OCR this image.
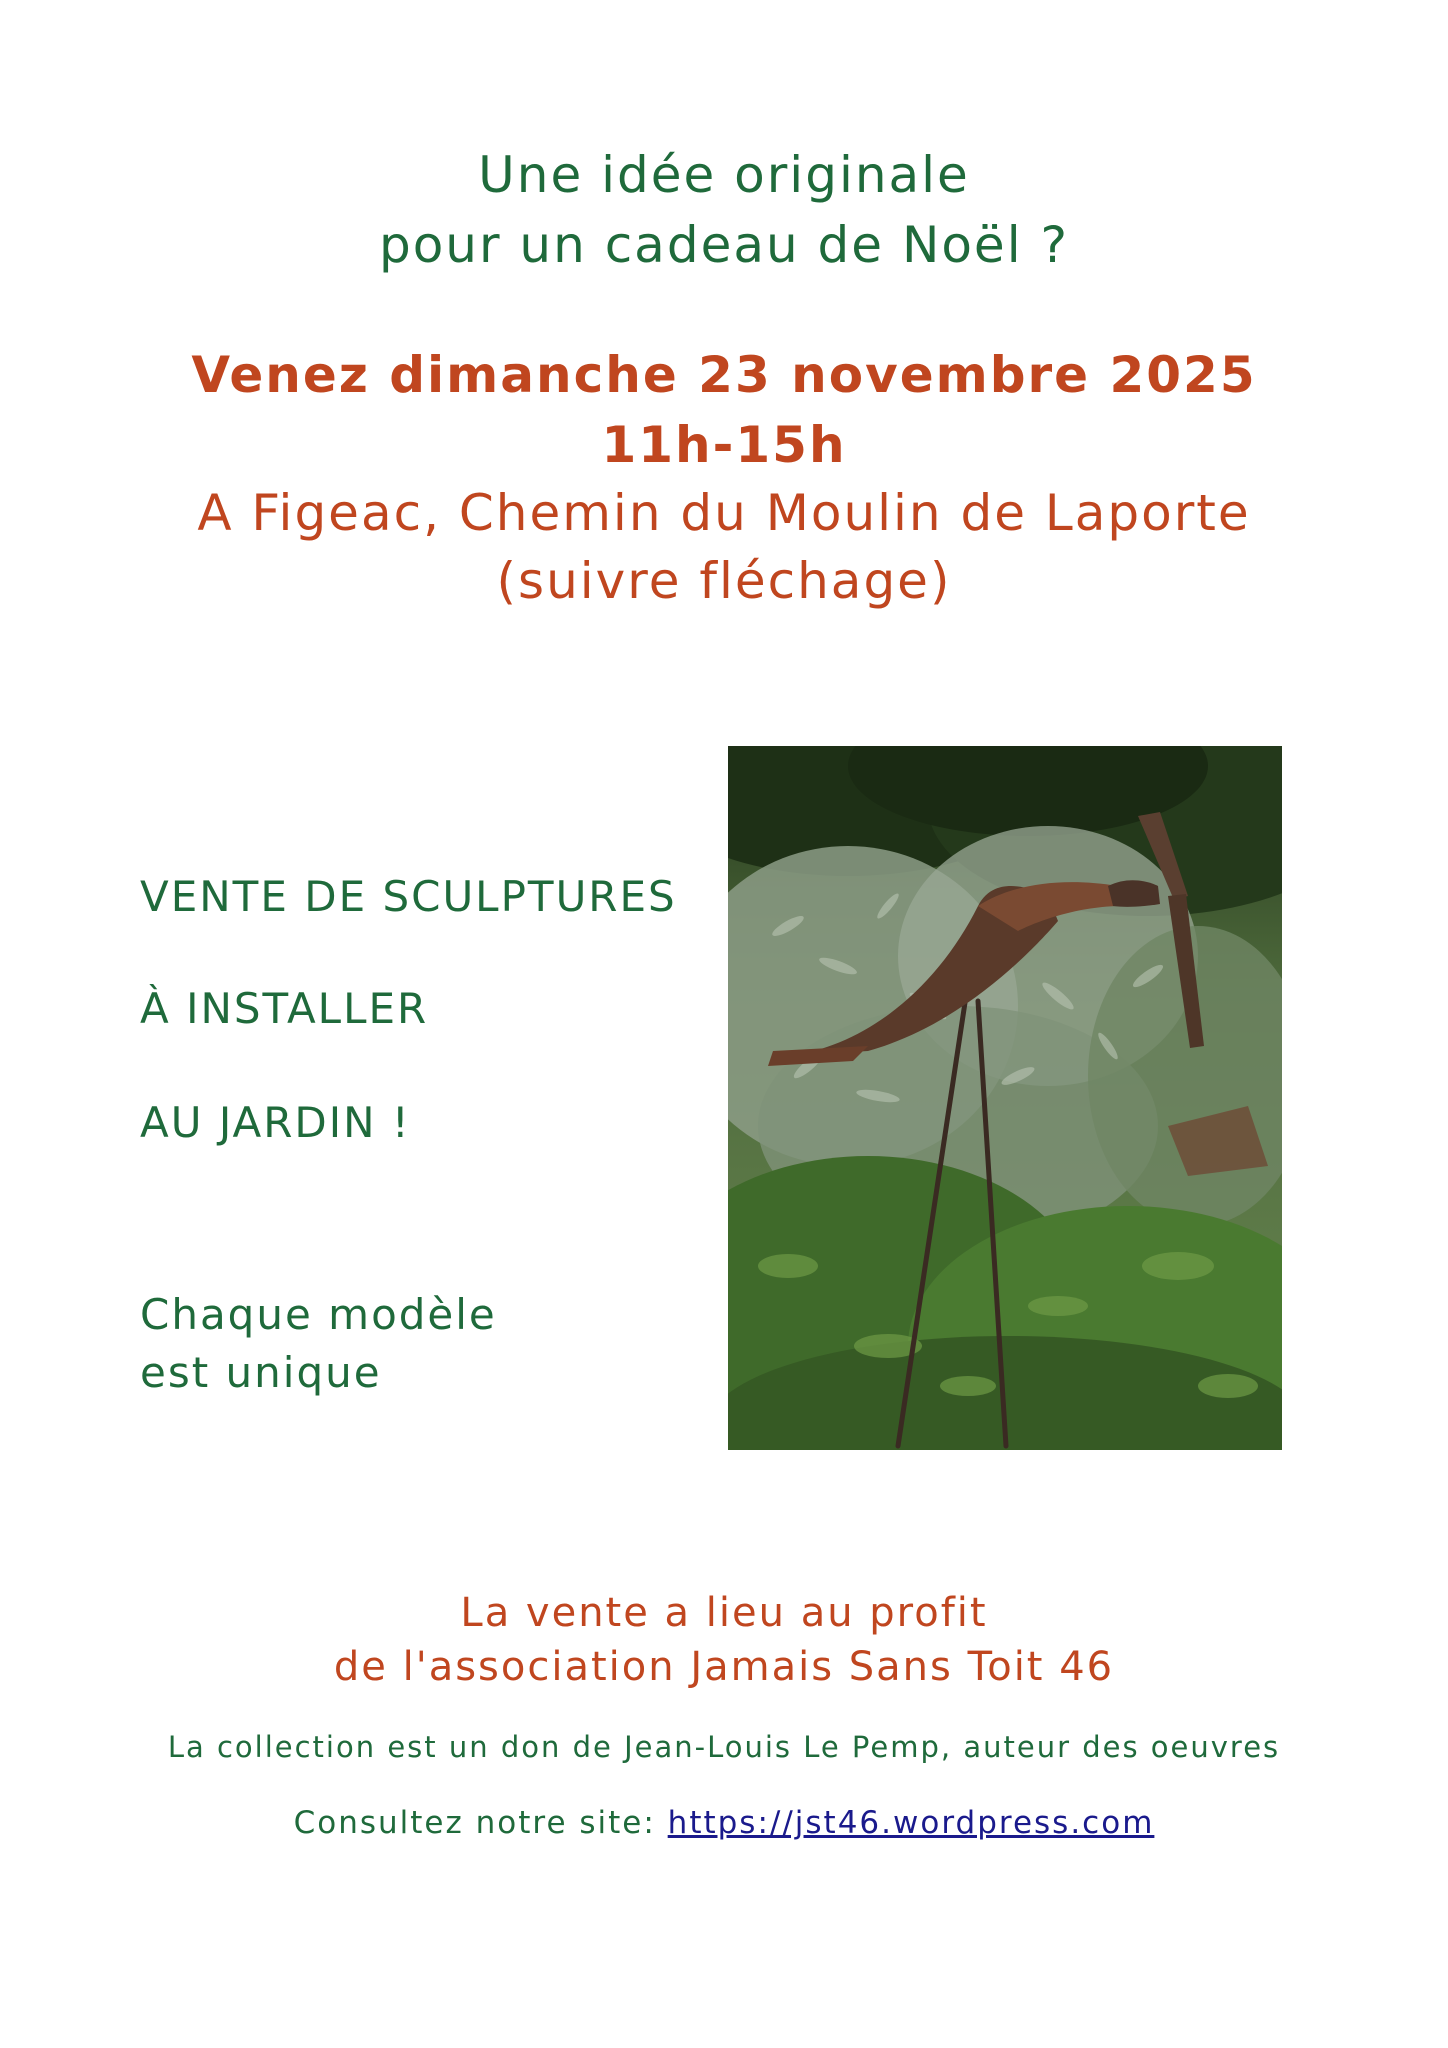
Une idée originale
pour un cadeau de Noël ?

Venez dimanche 23 novembre 2025

11h-15h

A Figeac, Chemin du Moulin de Laporte

(suivre fléchage)

VENTE DE SCULPTURES

À INSTALLER

AU JARDIN !

Chaque modèle

est unique

La vente a lieu au profit

de l'association Jamais Sans Toit 46

La collection est un don de Jean-Louis Le Pemp, auteur des oeuvres

Consultez notre site: https://jst46.wordpress.com
